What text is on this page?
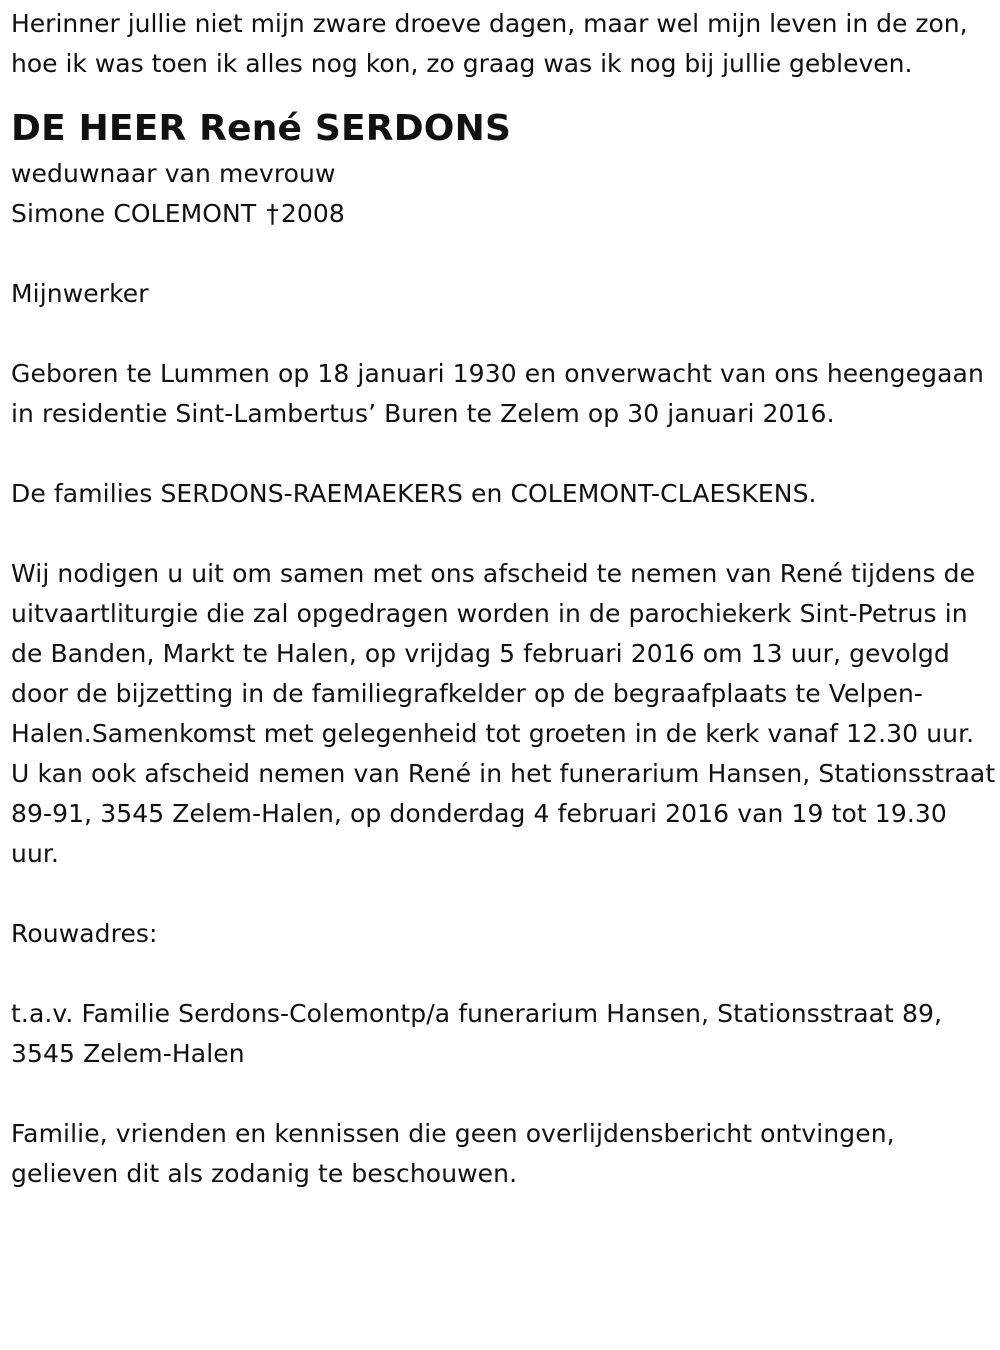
Herinner jullie niet mijn zware droeve dagen, maar wel mijn leven in de zon, hoe ik was toen ik alles nog kon, zo graag was ik nog bij jullie gebleven.

DE HEER René SERDONS

weduwnaar van mevrouw

Simone COLEMONT †2008

Mijnwerker

Geboren te Lummen op 18 januari 1930 en onverwacht van ons heengegaan in residentie Sint-Lambertus’ Buren te Zelem op 30 januari 2016.

De families SERDONS-RAEMAEKERS en COLEMONT-CLAESKENS.

Wij nodigen u uit om samen met ons afscheid te nemen van René tijdens de uitvaartliturgie die zal opgedragen worden in de parochiekerk Sint-Petrus in de Banden, Markt te Halen, op vrijdag 5 februari 2016 om 13 uur, gevolgd door de bijzetting in de familiegrafkelder op de begraafplaats te Velpen-Halen.Samenkomst met gelegenheid tot groeten in de kerk vanaf 12.30 uur.

U kan ook afscheid nemen van René in het funerarium Hansen, Stationsstraat 89-91, 3545 Zelem-Halen, op donderdag 4 februari 2016 van 19 tot 19.30 uur.

Rouwadres:

t.a.v. Familie Serdons-Colemontp/a funerarium Hansen, Stationsstraat 89, 3545 Zelem-Halen

Familie, vrienden en kennissen die geen overlijdensbericht ontvingen, gelieven dit als zodanig te beschouwen.
